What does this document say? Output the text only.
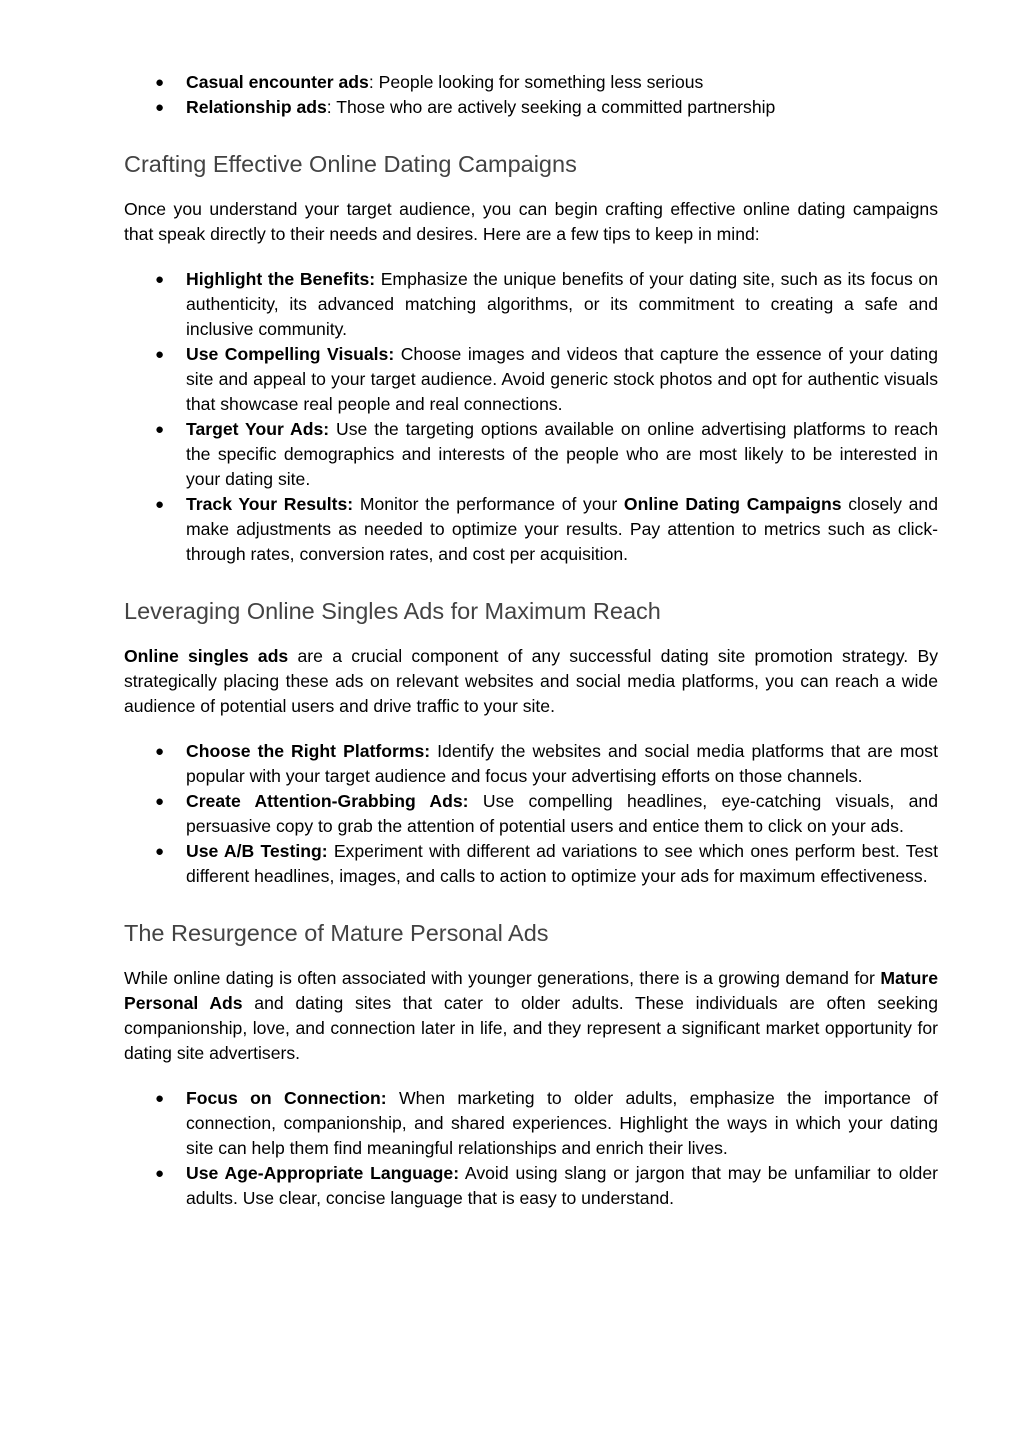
● Casual encounter ads: People looking for something less serious
● Relationship ads: Those who are actively seeking a committed partnership
Crafting Effective Online Dating Campaigns

Once you understand your target audience, you can begin crafting effective online dating campaigns that speak directly to their needs and desires. Here are a few tips to keep in mind:

● Highlight the Benefits: Emphasize the unique benefits of your dating site, such as its focus on authenticity, its advanced matching algorithms, or its commitment to creating a safe and inclusive community.
● Use Compelling Visuals: Choose images and videos that capture the essence of your dating site and appeal to your target audience. Avoid generic stock photos and opt for authentic visuals that showcase real people and real connections.
● Target Your Ads: Use the targeting options available on online advertising platforms to reach the specific demographics and interests of the people who are most likely to be interested in your dating site.
● Track Your Results: Monitor the performance of your Online Dating Campaigns closely and make adjustments as needed to optimize your results. Pay attention to metrics such as click-through rates, conversion rates, and cost per acquisition.
Leveraging Online Singles Ads for Maximum Reach

Online singles ads are a crucial component of any successful dating site promotion strategy. By strategically placing these ads on relevant websites and social media platforms, you can reach a wide audience of potential users and drive traffic to your site.

● Choose the Right Platforms: Identify the websites and social media platforms that are most popular with your target audience and focus your advertising efforts on those channels.
● Create Attention-Grabbing Ads: Use compelling headlines, eye-catching visuals, and persuasive copy to grab the attention of potential users and entice them to click on your ads.
● Use A/B Testing: Experiment with different ad variations to see which ones perform best. Test different headlines, images, and calls to action to optimize your ads for maximum effectiveness.
The Resurgence of Mature Personal Ads

While online dating is often associated with younger generations, there is a growing demand for Mature Personal Ads and dating sites that cater to older adults. These individuals are often seeking companionship, love, and connection later in life, and they represent a significant market opportunity for dating site advertisers.

● Focus on Connection: When marketing to older adults, emphasize the importance of connection, companionship, and shared experiences. Highlight the ways in which your dating site can help them find meaningful relationships and enrich their lives.
● Use Age-Appropriate Language: Avoid using slang or jargon that may be unfamiliar to older adults. Use clear, concise language that is easy to understand.
